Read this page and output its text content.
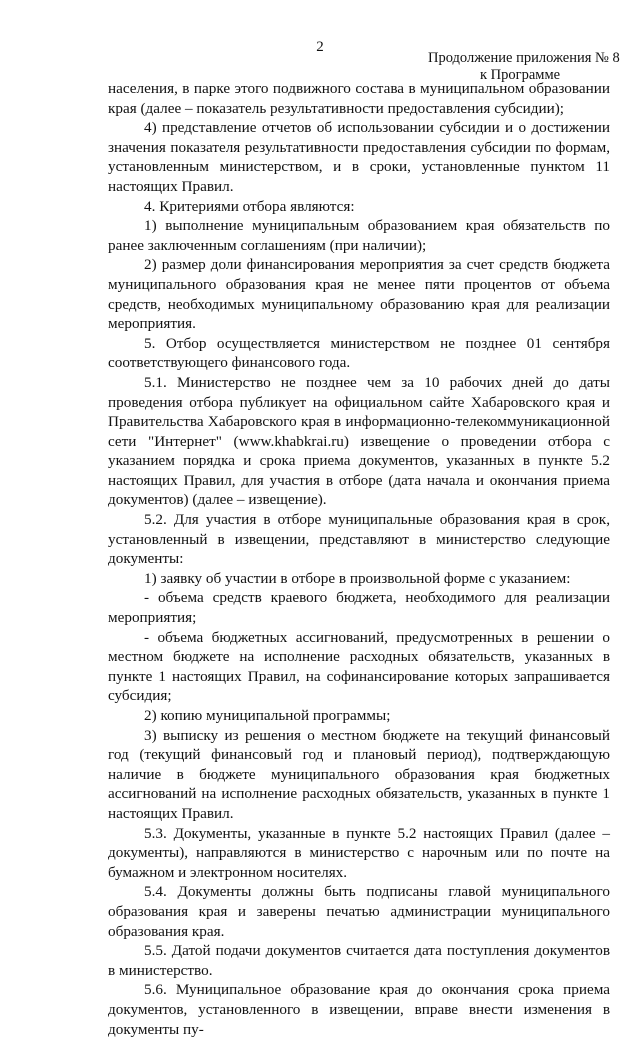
2
Продолжение приложения № 8
к Программе

населения, в парке этого подвижного состава в муниципальном образовании края (далее – показатель результативности предоставления субсидии);

4) представление отчетов об использовании субсидии и о достижении значения показателя результативности предоставления субсидии по формам, установленным министерством, и в сроки, установленные пунктом 11 настоящих Правил.

4. Критериями отбора являются:

1) выполнение муниципальным образованием края обязательств по ранее заключенным соглашениям (при наличии);

2) размер доли финансирования мероприятия за счет средств бюджета муниципального образования края не менее пяти процентов от объема средств, необходимых муниципальному образованию края для реализации мероприятия.

5. Отбор осуществляется министерством не позднее 01 сентября соответствующего финансового года.

5.1. Министерство не позднее чем за 10 рабочих дней до даты проведения отбора публикует на официальном сайте Хабаровского края и Правительства Хабаровского края в информационно-телекоммуникационной сети "Интернет" (www.khabkrai.ru) извещение о проведении отбора с указанием порядка и срока приема документов, указанных в пункте 5.2 настоящих Правил, для участия в отборе (дата начала и окончания приема документов) (далее – извещение).

5.2. Для участия в отборе муниципальные образования края в срок, установленный в извещении, представляют в министерство следующие документы:

1) заявку об участии в отборе в произвольной форме с указанием:

- объема средств краевого бюджета, необходимого для реализации мероприятия;

- объема бюджетных ассигнований, предусмотренных в решении о местном бюджете на исполнение расходных обязательств, указанных в пункте 1 настоящих Правил, на софинансирование которых запрашивается субсидия;

2) копию муниципальной программы;

3) выписку из решения о местном бюджете на текущий финансовый год (текущий финансовый год и плановый период), подтверждающую наличие в бюджете муниципального образования края бюджетных ассигнований на исполнение расходных обязательств, указанных в пункте 1 настоящих Правил.

5.3. Документы, указанные в пункте 5.2 настоящих Правил (далее – документы), направляются в министерство с нарочным или по почте на бумажном и электронном носителях.

5.4. Документы должны быть подписаны главой муниципального образования края и заверены печатью администрации муниципального образования края.

5.5. Датой подачи документов считается дата поступления документов в министерство.

5.6. Муниципальное образование края до окончания срока приема документов, установленного в извещении, вправе внести изменения в документы пу-
